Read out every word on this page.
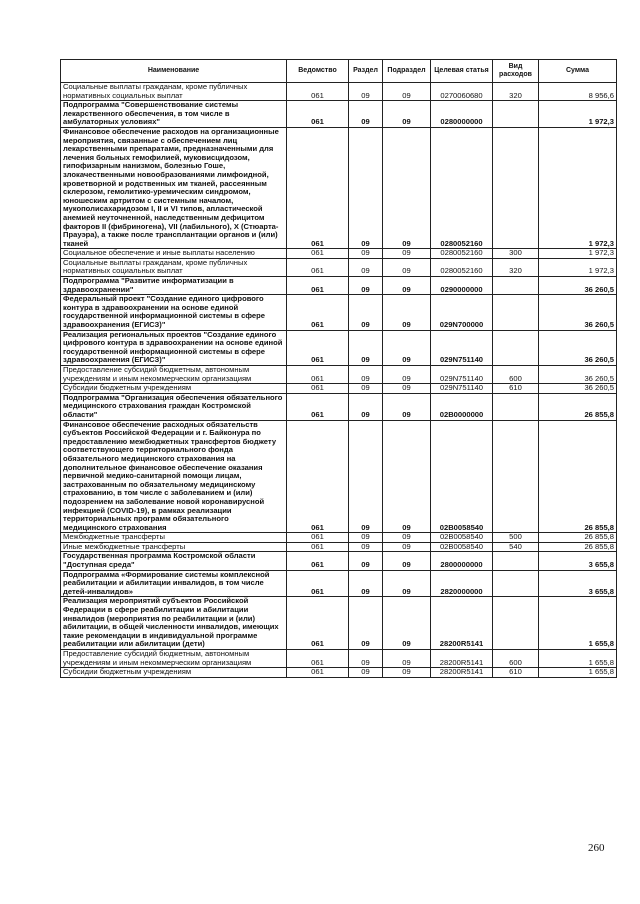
Наименование	Ведомство	Раздел	Подраздел	Целевая статья	Вид расходов	Сумма
Социальные выплаты гражданам, кроме публичных нормативных социальных выплат	061	09	09	0270060680	320	8 956,6
Подпрограмма "Совершенствование системы лекарственного обеспечения, в том числе в амбулаторных условиях"	061	09	09	0280000000		1 972,3
Финансовое обеспечение расходов на организационные мероприятия, связанные с обеспечением лиц лекарственными препаратами, предназначенными для лечения больных гемофилией, муковисцидозом, гипофизарным нанизмом, болезнью Гоше, злокачественными новообразованиями лимфоидной, кроветворной и родственных им тканей, рассеянным склерозом, гемолитико-уремическим синдромом, юношеским артритом с системным началом, мукополисахаридозом I, II и VI типов, апластической анемией неуточненной, наследственным дефицитом факторов II (фибриногена), VII (лабильного), X (Стюарта-Прауэра), а также после трансплантации органов и (или) тканей	061	09	09	0280052160		1 972,3
Социальное обеспечение и иные выплаты населению	061	09	09	0280052160	300	1 972,3
Социальные выплаты гражданам, кроме публичных нормативных социальных выплат	061	09	09	0280052160	320	1 972,3
Подпрограмма "Развитие информатизации в здравоохранении"	061	09	09	0290000000		36 260,5
Федеральный проект "Создание единого цифрового контура в здравоохранении на основе единой государственной информационной системы в сфере здравоохранения (ЕГИСЗ)"	061	09	09	029N700000		36 260,5
Реализация региональных проектов "Создание единого цифрового контура в здравоохранении на основе единой государственной информационной системы в сфере здравоохранения (ЕГИСЗ)"	061	09	09	029N751140		36 260,5
Предоставление субсидий бюджетным, автономным учреждениям и иным некоммерческим организациям	061	09	09	029N751140	600	36 260,5
Субсидии бюджетным учреждениям	061	09	09	029N751140	610	36 260,5
Подпрограмма "Организация обеспечения обязательного медицинского страхования граждан Костромской области"	061	09	09	02В0000000		26 855,8
Финансовое обеспечение расходных обязательств субъектов Российской Федерации и г. Байконура по предоставлению межбюджетных трансфертов бюджету соответствующего территориального фонда обязательного медицинского страхования на дополнительное финансовое обеспечение оказания первичной медико-санитарной помощи лицам, застрахованным по обязательному медицинскому страхованию, в том числе с заболеванием и (или) подозрением на заболевание новой коронавирусной инфекцией (COVID-19), в рамках реализации территориальных программ обязательного медицинского страхования	061	09	09	02В0058540		26 855,8
Межбюджетные трансферты	061	09	09	02В0058540	500	26 855,8
Иные межбюджетные трансферты	061	09	09	02В0058540	540	26 855,8
Государственная программа Костромской области "Доступная среда"	061	09	09	2800000000		3 655,8
Подпрограмма «Формирование системы комплексной реабилитации и абилитации инвалидов, в том числе детей-инвалидов»	061	09	09	2820000000		3 655,8
Реализация мероприятий субъектов Российской Федерации в сфере реабилитации и абилитации инвалидов (мероприятия по реабилитации и (или) абилитации, в общей численности инвалидов, имеющих такие рекомендации в индивидуальной программе реабилитации или абилитации (дети)	061	09	09	28200R5141		1 655,8
Предоставление субсидий бюджетным, автономным учреждениям и иным некоммерческим организациям	061	09	09	28200R5141	600	1 655,8
Субсидии бюджетным учреждениям	061	09	09	28200R5141	610	1 655,8
260
